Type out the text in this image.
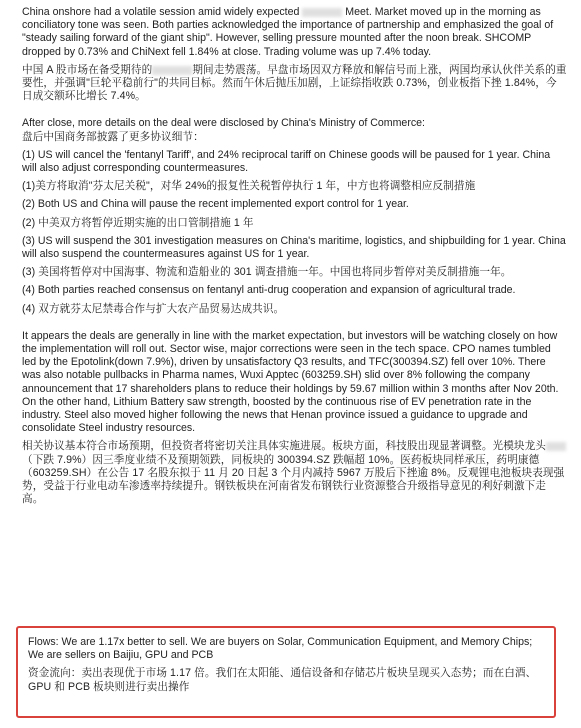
China onshore had a volatile session amid widely expected	Meet. Market moved up in the morning as conciliatory tone was seen. Both parties acknowledged the importance of partnership and emphasized the goal of "steady sailing forward of the giant ship". However, selling pressure mounted after the noon break. SHCOMP dropped by 0.73% and ChiNext fell 1.84% at close. Trading volume was up 7.4% today.

中国 A 股市场在备受期待的	期间走势震荡。早盘市场因双方释放和解信号而上涨，两国均承认伙伴关系的重要性，并强调"巨轮平稳前行"的共同目标。然而午休后抛压加剧，上证综指收跌 0.73%，创业板指下挫 1.84%，今日成交额环比增长 7.4%。

After close, more details on the deal were disclosed by China's Ministry of Commerce:

盘后中国商务部披露了更多协议细节：

(1) US will cancel the 'fentanyl Tariff', and 24% reciprocal tariff on Chinese goods will be paused for 1 year. China will also adjust corresponding countermeasures.

(1)美方将取消"芬太尼关税"，对华 24%的报复性关税暂停执行 1 年，中方也将调整相应反制措施

(2) Both US and China will pause the recent implemented export control for 1 year.

(2) 中美双方将暂停近期实施的出口管制措施 1 年

(3) US will suspend the 301 investigation measures on China's maritime, logistics, and shipbuilding for 1 year. China will also suspend the countermeasures against US for 1 year.

(3) 美国将暂停对中国海事、物流和造船业的 301 调查措施一年。中国也将同步暂停对美反制措施一年。

(4) Both parties reached consensus on fentanyl anti-drug cooperation and expansion of agricultural trade.

(4) 双方就芬太尼禁毒合作与扩大农产品贸易达成共识。

It appears the deals are generally in line with the market expectation, but investors will be watching closely on how the implementation will roll out. Sector wise, major corrections were seen in the tech space. CPO names tumbled led by the Epotolink(down 7.9%), driven by unsatisfactory Q3 results, and TFC(300394.SZ) fell over 10%. There was also notable pullbacks in Pharma names, Wuxi Apptec (603259.SH) slid over 8% following the company announcement that 17 shareholders plans to reduce their holdings by 59.67 million within 3 months after Nov 20th. On the other hand, Lithium Battery saw strength, boosted by the continuous rise of EV penetration rate in the industry. Steel also moved higher following the news that Henan province issued a guidance to upgrade and consolidate Steel industry resources.

相关协议基本符合市场预期，但投资者将密切关注具体实施进展。板块方面，科技股出现显著调整。光模块龙头（下跌 7.9%）因三季度业绩不及预期领跌，同板块的 300394.SZ 跌幅超 10%。医药板块同样承压，药明康德（603259.SH）在公告 17 名股东拟于 11 月 20 日起 3 个月内减持 5967 万股后下挫逾 8%。反观锂电池板块表现强势，受益于行业电动车渗透率持续提升。钢铁板块在河南省发布钢铁行业资源整合升级指导意见的利好刺激下走高。

Flows: We are 1.17x better to sell. We are buyers on Solar, Communication Equipment, and Memory Chips; We are sellers on Baijiu, GPU and PCB

资金流向：卖出表现优于市场 1.17 倍。我们在太阳能、通信设备和存储芯片板块呈现买入态势；而在白酒、GPU 和 PCB 板块则进行卖出操作
